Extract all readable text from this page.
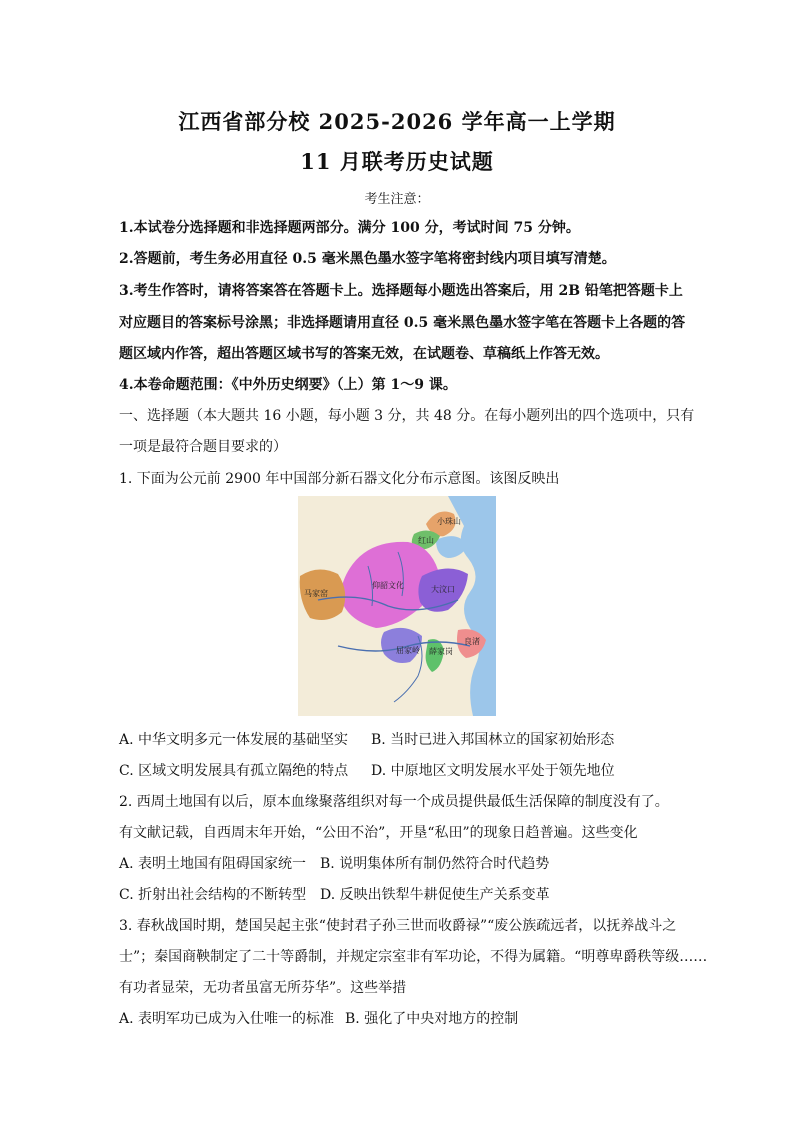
江西省部分校 2025-2026 学年高一上学期
11 月联考历史试题
考生注意：
1.本试卷分选择题和非选择题两部分。满分 100 分，考试时间 75 分钟。
2.答题前，考生务必用直径 0.5 毫米黑色墨水签字笔将密封线内项目填写清楚。
3.考生作答时，请将答案答在答题卡上。选择题每小题选出答案后，用 2B 铅笔把答题卡上
对应题目的答案标号涂黑；非选择题请用直径 0.5 毫米黑色墨水签字笔在答题卡上各题的答
题区域内作答，超出答题区域书写的答案无效，在试题卷、草稿纸上作答无效。
4.本卷命题范围：《中外历史纲要》（上）第 1～9 课。
一、选择题（本大题共 16 小题，每小题 3 分，共 48 分。在每小题列出的四个选项中，只有
一项是最符合题目要求的）
1. 下面为公元前 2900 年中国部分新石器文化分布示意图。该图反映出
小珠山
红山
仰韶文化	大汶口
马家窑
屈家岭 薛家岗
良渚
A. 中华文明多元一体发展的基础坚实 B. 当时已进入邦国林立的国家初始形态
C. 区域文明发展具有孤立隔绝的特点 D. 中原地区文明发展水平处于领先地位
2. 西周土地国有以后，原本血缘聚落组织对每一个成员提供最低生活保障的制度没有了。
有文献记载，自西周末年开始，“公田不治”，开垦“私田”的现象日趋普遍。这些变化
A. 表明土地国有阻碍国家统一 B. 说明集体所有制仍然符合时代趋势
C. 折射出社会结构的不断转型 D. 反映出铁犁牛耕促使生产关系变革
3. 春秋战国时期，楚国吴起主张“使封君子孙三世而收爵禄”“废公族疏远者，以抚养战斗之
士”；秦国商鞅制定了二十等爵制，并规定宗室非有军功论，不得为属籍。“明尊卑爵秩等级……
有功者显荣，无功者虽富无所芬华”。这些举措
A. 表明军功已成为入仕唯一的标准 B. 强化了中央对地方的控制
